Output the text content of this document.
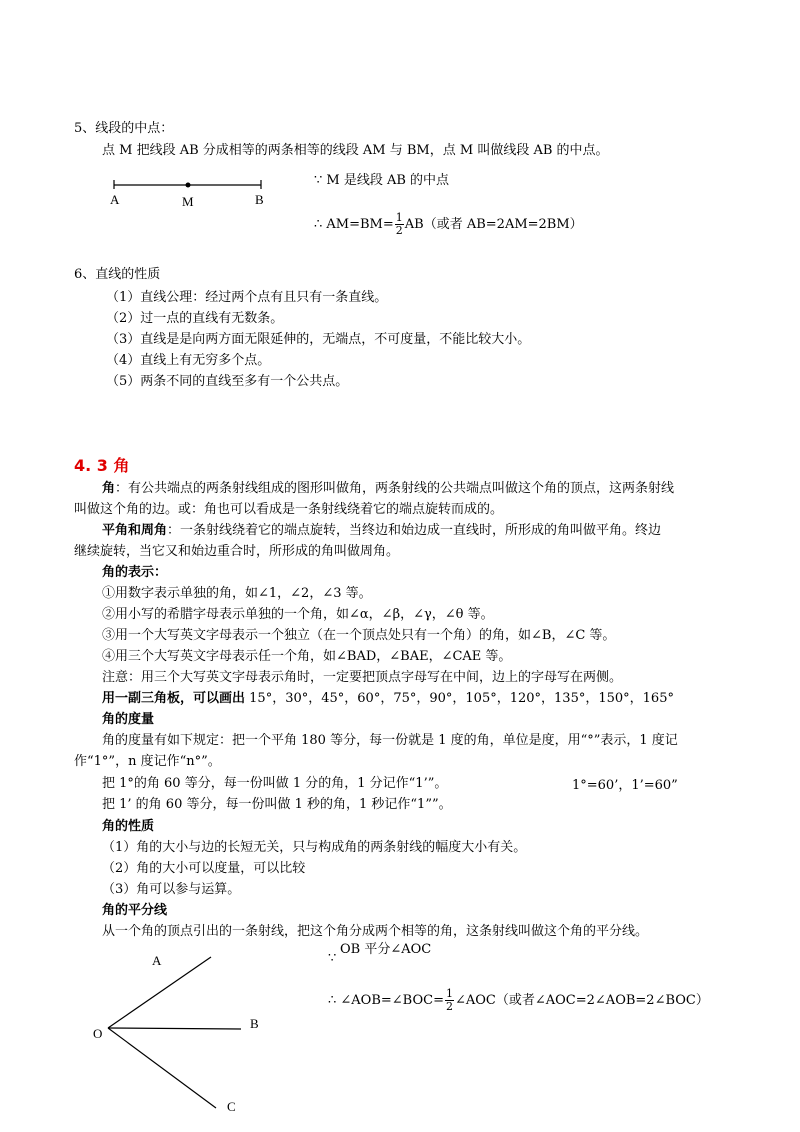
5、线段的中点：
点 M 把线段 AB 分成相等的两条相等的线段 AM 与 BM，点 M 叫做线段 AB 的中点。
A	M	B
∵ M 是线段 AB 的中点
∴ $AM=BM= \frac{1}{2} AB$（或者 AB=2AM=2BM）
6、直线的性质
（1）直线公理：经过两个点有且只有一条直线。
（2）过一点的直线有无数条。
（3）直线是是向两方面无限延伸的，无端点，不可度量，不能比较大小。
（4）直线上有无穷多个点。
（5）两条不同的直线至多有一个公共点。
4. 3 角
角：有公共端点的两条射线组成的图形叫做角，两条射线的公共端点叫做这个角的顶点，这两条射线
叫做这个角的边。或：角也可以看成是一条射线绕着它的端点旋转而成的。
平角和周角：一条射线绕着它的端点旋转，当终边和始边成一直线时，所形成的角叫做平角。终边
继续旋转，当它又和始边重合时，所形成的角叫做周角。
角的表示：
①用数字表示单独的角，如∠1，∠2，∠3 等。
②用小写的希腊字母表示单独的一个角，如∠α，∠β，∠γ，∠θ 等。
③用一个大写英文字母表示一个独立（在一个顶点处只有一个角）的角，如∠B，∠C 等。
④用三个大写英文字母表示任一个角，如∠BAD，∠BAE，∠CAE 等。
注意：用三个大写英文字母表示角时，一定要把顶点字母写在中间，边上的字母写在两侧。
用一副三角板，可以画出 15°，30°，45°，60°，75°，90°，105°，120°，135°，150°，165°
角的度量
角的度量有如下规定：把一个平角 180 等分，每一份就是 1 度的角，单位是度，用“°”表示，1 度记
作“1°”，n 度记作“n°”。
把 1°的角 60 等分，每一份叫做 1 分的角，1 分记作“1’”。	1°=60’，1’=60”
把 1’ 的角 60 等分，每一份叫做 1 秒的角，1 秒记作“1””。
角的性质
（1）角的大小与边的长短无关，只与构成角的两条射线的幅度大小有关。
（2）角的大小可以度量，可以比较
（3）角可以参与运算。
角的平分线
从一个角的顶点引出的一条射线，把这个角分成两个相等的角，这条射线叫做这个角的平分线。
∵
OB 平分∠AOC
∴ ∠AOB=∠BOC= $\frac{1}{2}$ ∠AOC（或者∠AOC=2∠AOB=2∠BOC）
A
B
O
C
